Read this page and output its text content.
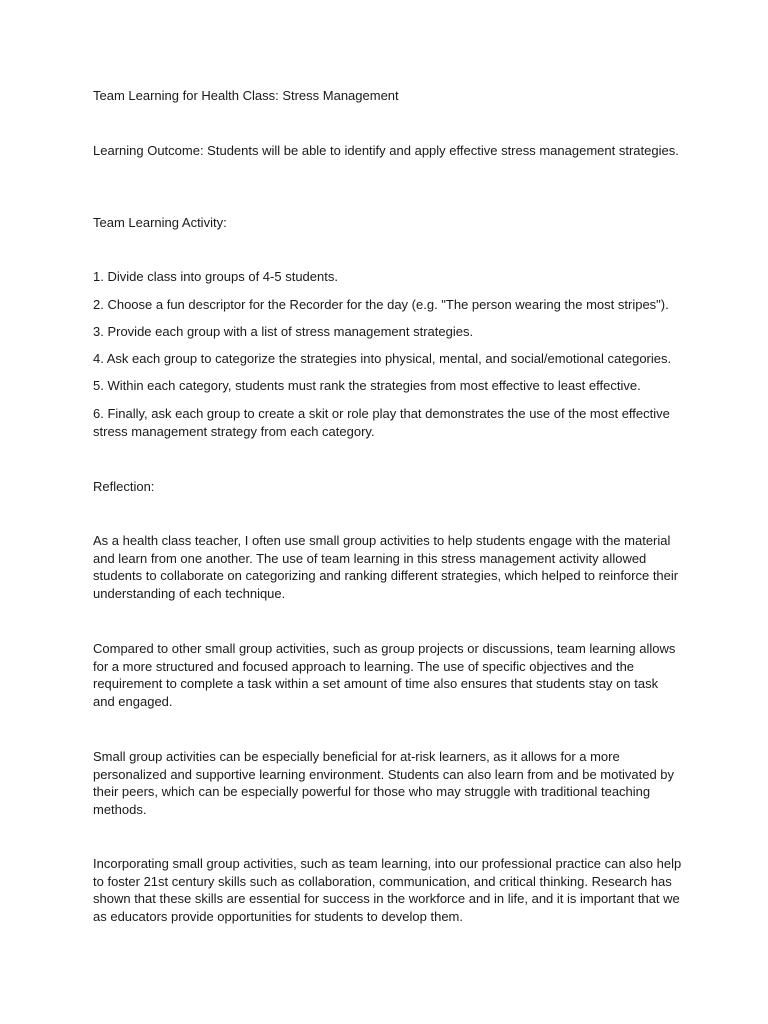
Team Learning for Health Class: Stress Management

Learning Outcome: Students will be able to identify and apply effective stress management strategies.

Team Learning Activity:

1. Divide class into groups of 4-5 students.

2. Choose a fun descriptor for the Recorder for the day (e.g. "The person wearing the most stripes").

3. Provide each group with a list of stress management strategies.

4. Ask each group to categorize the strategies into physical, mental, and social/emotional categories.

5. Within each category, students must rank the strategies from most effective to least effective.

6. Finally, ask each group to create a skit or role play that demonstrates the use of the most effective stress management strategy from each category.

Reflection:

As a health class teacher, I often use small group activities to help students engage with the material and learn from one another. The use of team learning in this stress management activity allowed students to collaborate on categorizing and ranking different strategies, which helped to reinforce their understanding of each technique.

Compared to other small group activities, such as group projects or discussions, team learning allows for a more structured and focused approach to learning. The use of specific objectives and the requirement to complete a task within a set amount of time also ensures that students stay on task and engaged.

Small group activities can be especially beneficial for at-risk learners, as it allows for a more personalized and supportive learning environment. Students can also learn from and be motivated by their peers, which can be especially powerful for those who may struggle with traditional teaching methods.

Incorporating small group activities, such as team learning, into our professional practice can also help to foster 21st century skills such as collaboration, communication, and critical thinking. Research has shown that these skills are essential for success in the workforce and in life, and it is important that we as educators provide opportunities for students to develop them.
